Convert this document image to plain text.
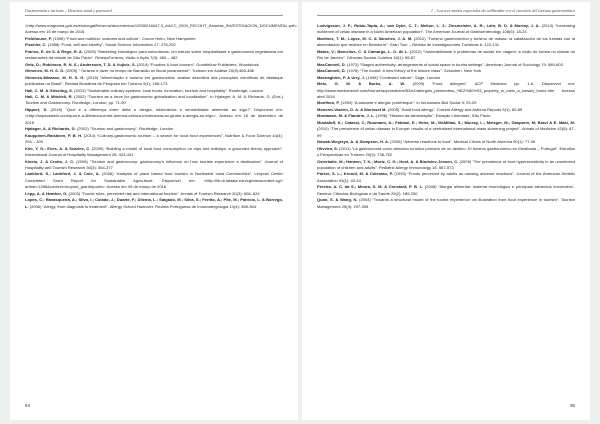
Gastronomia e turismo – Destinos atual y potencial

<http://www.magrama.gob.es/es/megaf/ficheros/documentos/12939216047.3_AACC_2009_FECOHT_Asturias_INVESTIGACION_DOCUMENTAL.pdf>. Acesso em 15 de março de 2016

Fieldhouse, P. (1996) “Food and nutrition: customs and culture”. Croom Helm, New Hampshire

Fischler, C. (1988) “Food, self and identity”. Social Science Information 27: 275-292

Franco, E. de S. & Rego, R. A. (2005) “Marketing estratégico para subculturas: um estudo sobre hospitalidade e gastronomia vegetariana em restaurantes da cidade de São Paulo”. RevistaTurismo, Visão e Ação 7(3): 469 – 482

Getz, D.; Robinson, R. N. S.; Andersson, T. D. & Vujicic, S. (2014) “Foodies & food tourism”. Goodfellow Publishers, Woodstock

Gimenes, M. H. S. G. (2009) “ Turismo e lazer no tempo de Barracão no litoral paranaense”. Turismo em Análise 20(3):465-486

Gimenes-Minasse, M. H. S. G. (2015) “Alimentação e turismo em gastronomia: análise descritiva das produções científicas de destaque publicadas no Brasil”. Revista Brasileira de Pesquisa em Turismo 9(1): 156-173

Hall, C. M. & Gössling, S. (2013) “Sustainable culinary systems: local foods, innovation, tourism and hospitality”. Routledge, London

Hall, C. M. & Mitchell, R. (2002) “Tourism as a force for gastronomic globalization and localization”. In Hjalager, A. M. & Richards, G. (Eds.) Tourism and Gastronomy. Routledge, London, pp. 71-90

Hippert, S. (2015) “Quel é a diferença entre dieta e alergia, intolerância e sensibilidade alimentar ao trigo?” Disponível em: <http://sapocastelo.com/qual-e-a-diferenca-entre-doenca-celiaca-intolerancia-ao-gluten-e-alergia-ao-trigo>. Acesso em 16 de dezembro de 2015

Hjalager, A. & Richards, G. (2002) “Tourism and gastronomy”. Routledge, London

Kauppinen-Räisänen, P. B. H. (2014) “Culinary-gastronomic tourism – a search for local food experiences”. Nutrition & Food Science 44(4): 294 – 309

Kim, Y. G.; Eves, A. & Scarles, C. (2009) “Building a model of local food consumption on trips and holidays: a grounded theory approach”. International Journal of Hospitality Management 28: 423-431

Kivela, J. & Crotts, J. C. (2006) “Tourism and gastronomy: gastronomy’s influence on how tourists experience a destination”. Journal of Hospitality and Tourism Research 30(3): 354-377

Lankford, S.; Lankford, J. & Cole, A. (2006) “Analysis of place based food tourism in Northwest Iowa Communities”. Leopold Center Completed Grant Report for Sustainable Agriculture. Disponível em: <http://lib.dr.iastate.edu/cgi/viewcontent.cgi?article=1288&context=leopold_grantreports>. Acesso em 09 de março de 2016

Lepp, A. & Heather, G. (2003) “Tourist roles, perceived risk and international tourism”. Annals of Tourism Research 30(3): 606–624

Lopes, C.; Ravasqueira, A.; Silva, I.; Coiado, J.; Duarte, F.; Dilema, L.; Salgado, M.; Silva, S.; Ferrão, A.; Pité, M.; Patrício, L. & Borrego, L. (2006) “Alergy, from diagnosis to treatment”. Allergy School Hamover, Revista Portuguesa de Imunoalergologia 14(4): 355-364

94
1 – Los tres menús especiales do calibrador cor el encontro del turismo gastronómico

Ludvigsson, J. F.; Rubio-Tapia, A.; van Dyke, C. T.; Melton, L. J.; Zinsmeister, A. R.; Lahr, B. D. & Murray, J. A. (2013) “Increasing incidence of celiac disease in a North American population”. The American Journal of Gastroenterology 108(5): 18-24

Martinez, T. M.; López, M. C. & Sánchez, J. A. M. (2012) “Turismo gastronómico y turismo de masas: la catalización de los turistas con la alimentación que reciben en Benidorm”. Gran Tour – Revista de Investigaciones Turísticas 6: 122-141

Matos, V.; Barcellos, C. & Camargo, L. O. de L. (2012) “Vulnerabilidade e problemas de saúde em viagem: a visão do turista no cidade do Rio de Janeiro”. Ciências Sociais Coletiva 18(1): 65-87

MacCannell, D. (1973) “Staged authenticity: arrangements of social space in tourist settings”. American Journal of Sociology 79: 589-603

MacCannell, D. (1976) “The tourist: a new theory of the leisure class”. Schocken, New York

Macnaghten, P. & Urry, J. (1998) “Contested nature”. Sage, London

Metz, G. M. & Burks, A. W. (2009) “Food allergies”. ACP Medicine pp. 1-6. Disponível em: http://www.medicinenet.com/bronze/acpmedicine/53/e1/allergies_plementres_%E2%80%93_property_m_metz_a_wesley_burks.htm Acesso abril 2016

Monfhon, P. (1994) “A autoarte e alergia: protérbique”. In Imunossüs Biol Social 9: 25-29

Moneret-Vautrin, D. A. & Morisset M. (2005) “Adult food allergy”. Current Allergy and Asthma Reports 5(1): 80-85

Montanari, M. & Flandrin, J. L. (1998) “História da alimentação”. Estação Liberdade, São Paulo

Mustafoff, K.; Catassi, C; Ruumann, A.; Fabiani, E.; Heier, M.; McMillan, S.; Murray, L.; Metzger, M.; Gasparin, M; Bravi & E. Maki, M. (2010) “The prevalence of celiac disease in Europe: results of a centralized international mass screening project”. Annals of Medicine 42(8): 87-99

Nowak-Wegrzyn, A. & Sampson, H. A. (2006) “Adverse reactions to food”. Medical Clinics of North America 90(1): 77-95

Oliveira, S. (2011) “La gastronomía como atractivo turístico primario de un destino. El turismo gastronómico en Mealhada – Portugal”. Estudios y Perspectivas en Turismo 20(3): 738-752

Osterballe, M.; Hansen, T. K.; Mortz, C. G.; Host, A. & Bindslev-Jensen, C. (2005) “The prevalence of food hypersensitivity in an unselected population of children and adults”. Pediatric Allergy Immunology 16: 567-573

Parker, S. L.; Krondl, M. & Coleman, P. (1993) “Foods perceived by adults as causing adverse reactions”. Journal of the American Dietetic Association 93(1): 40-44

Pereira, A. C. da S.; Moura, S. M. & Constant, P. B. L. (2008) “Alergia alimentar: sistema imunológico e principais alimentos envolvidos”. Semina: Ciências Biológicas e da Saúde 29(2): 189-200

Quan, S. & Wang, N. (2004) “Towards a structural model of the tourist experience: an illustration from food experience in tourism”. Tourism Management 25(3): 297-305

95
